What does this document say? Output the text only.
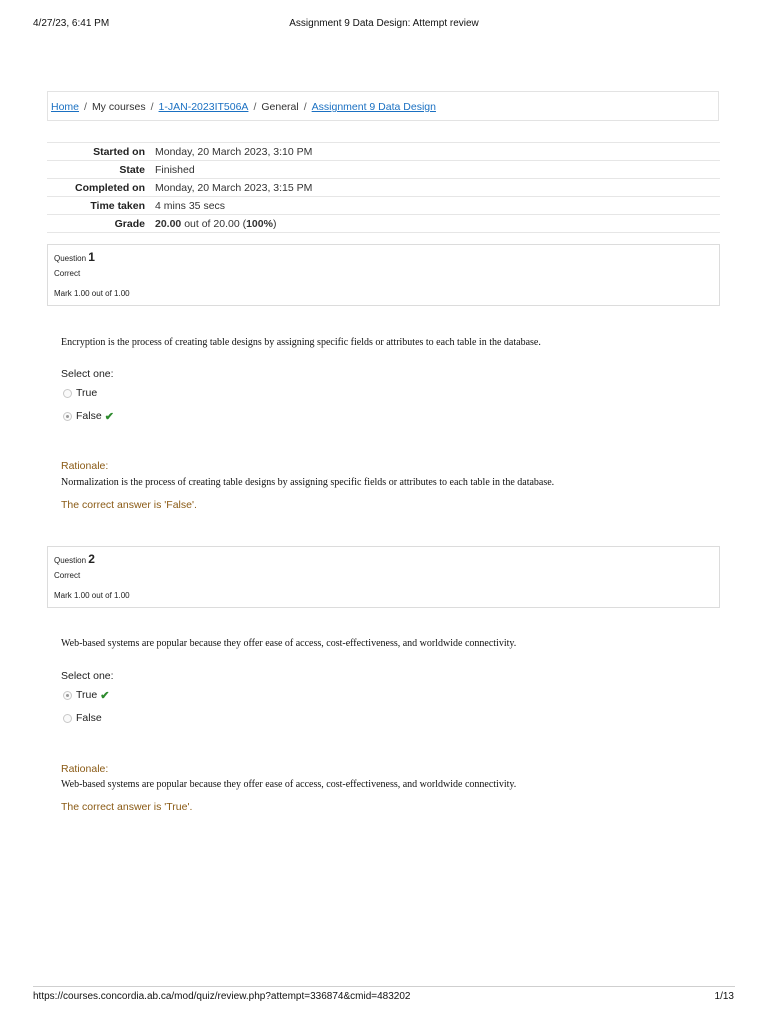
4/27/23, 6:41 PM	Assignment 9 Data Design: Attempt review
Home / My courses / 1-JAN-2023IT506A / General / Assignment 9 Data Design
Started on	Monday, 20 March 2023, 3:10 PM
State	Finished
Completed on	Monday, 20 March 2023, 3:15 PM
Time taken	4 mins 35 secs
Grade	20.00 out of 20.00 (100%)
Question 1
Correct
Mark 1.00 out of 1.00
Encryption is the process of creating table designs by assigning specific fields or attributes to each table in the database.
Select one:
True
False ✔
Rationale:
Normalization is the process of creating table designs by assigning specific fields or attributes to each table in the database.
The correct answer is 'False'.
Question 2
Correct
Mark 1.00 out of 1.00
Web-based systems are popular because they offer ease of access, cost-effectiveness, and worldwide connectivity.
Select one:
True ✔
False
Rationale:
Web-based systems are popular because they offer ease of access, cost-effectiveness, and worldwide connectivity.
The correct answer is 'True'.
https://courses.concordia.ab.ca/mod/quiz/review.php?attempt=336874&cmid=483202	1/13
